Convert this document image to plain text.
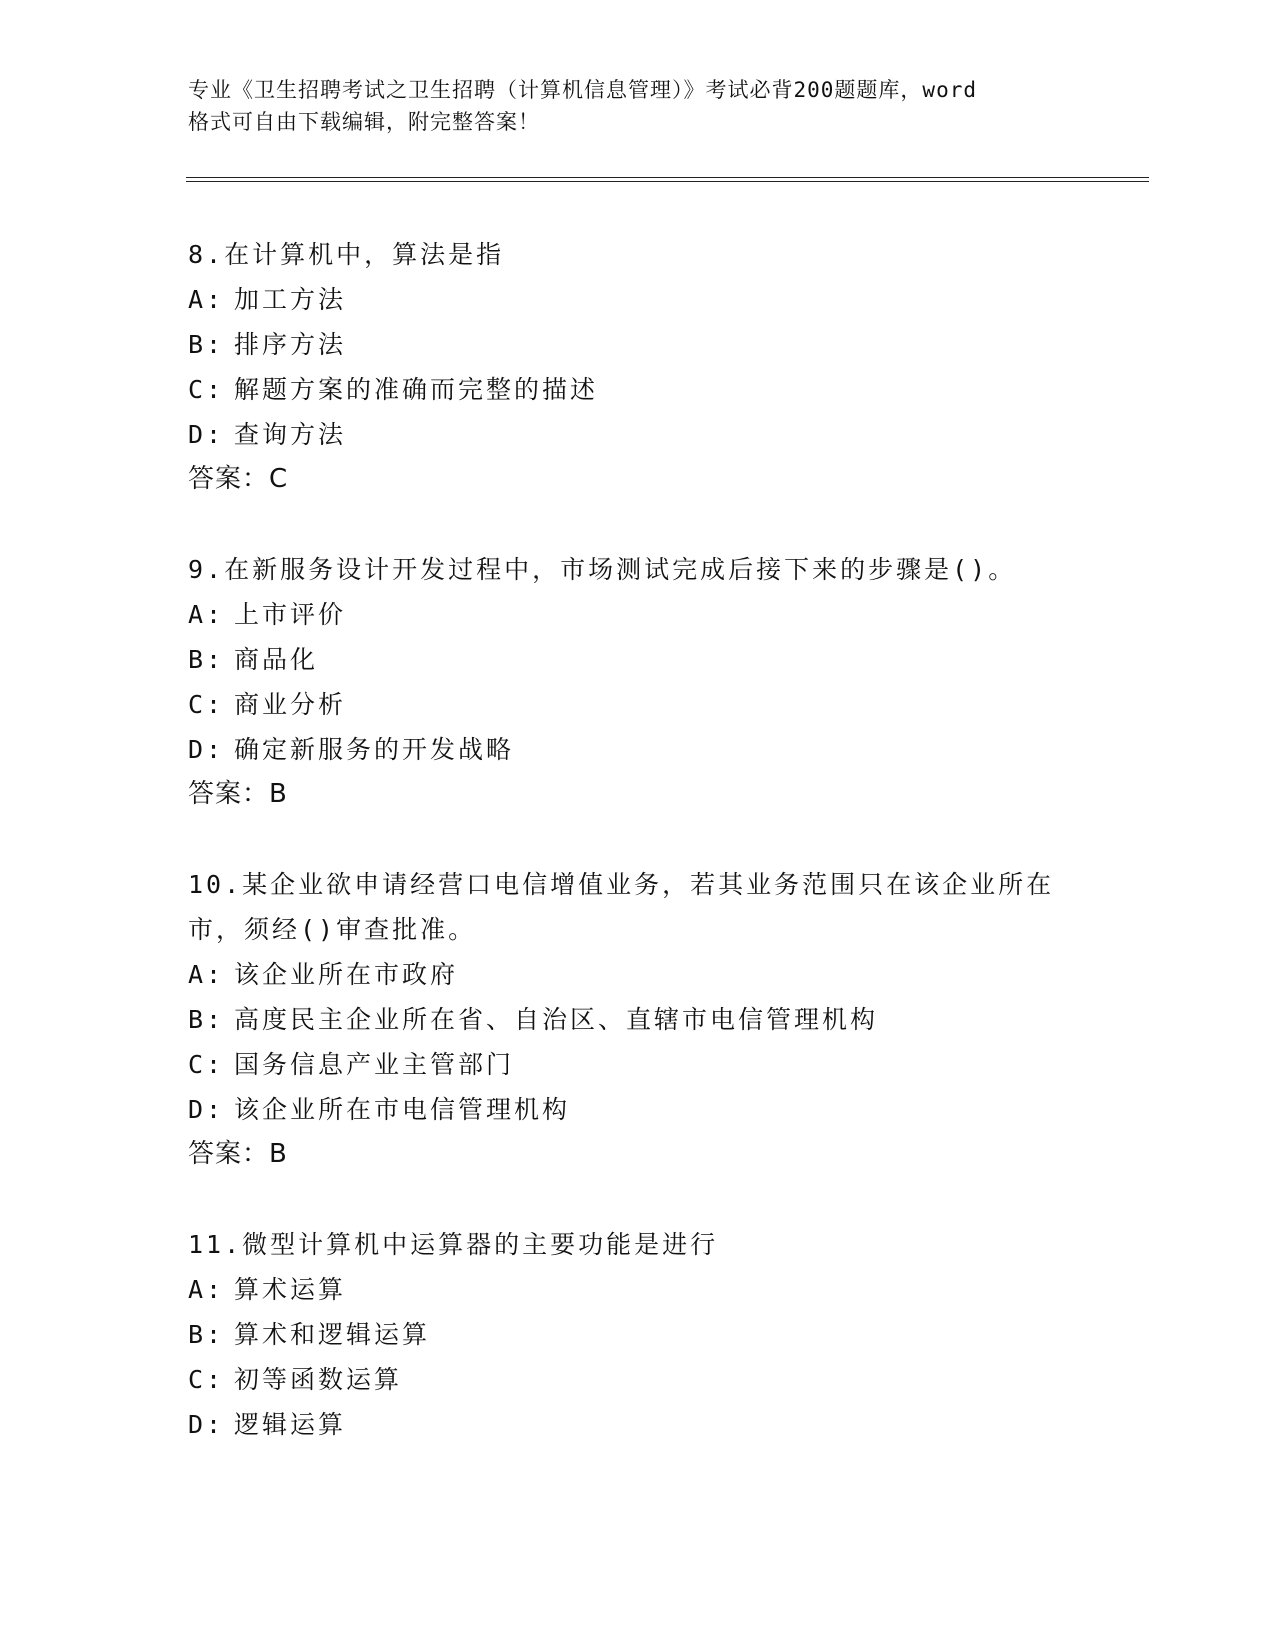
专业《卫生招聘考试之卫生招聘（计算机信息管理）》考试必背200题题库，word
格式可自由下载编辑，附完整答案！
8.在计算机中，算法是指
A: 加工方法
B: 排序方法
C: 解题方案的准确而完整的描述
D: 查询方法
答案：C
9.在新服务设计开发过程中，市场测试完成后接下来的步骤是()。
A: 上市评价
B: 商品化
C: 商业分析
D: 确定新服务的开发战略
答案：B
10.某企业欲申请经营口电信增值业务，若其业务范围只在该企业所在
市，须经()审查批准。
A: 该企业所在市政府
B: 高度民主企业所在省、自治区、直辖市电信管理机构
C: 国务信息产业主管部门
D: 该企业所在市电信管理机构
答案：B
11.微型计算机中运算器的主要功能是进行
A: 算术运算
B: 算术和逻辑运算
C: 初等函数运算
D: 逻辑运算
